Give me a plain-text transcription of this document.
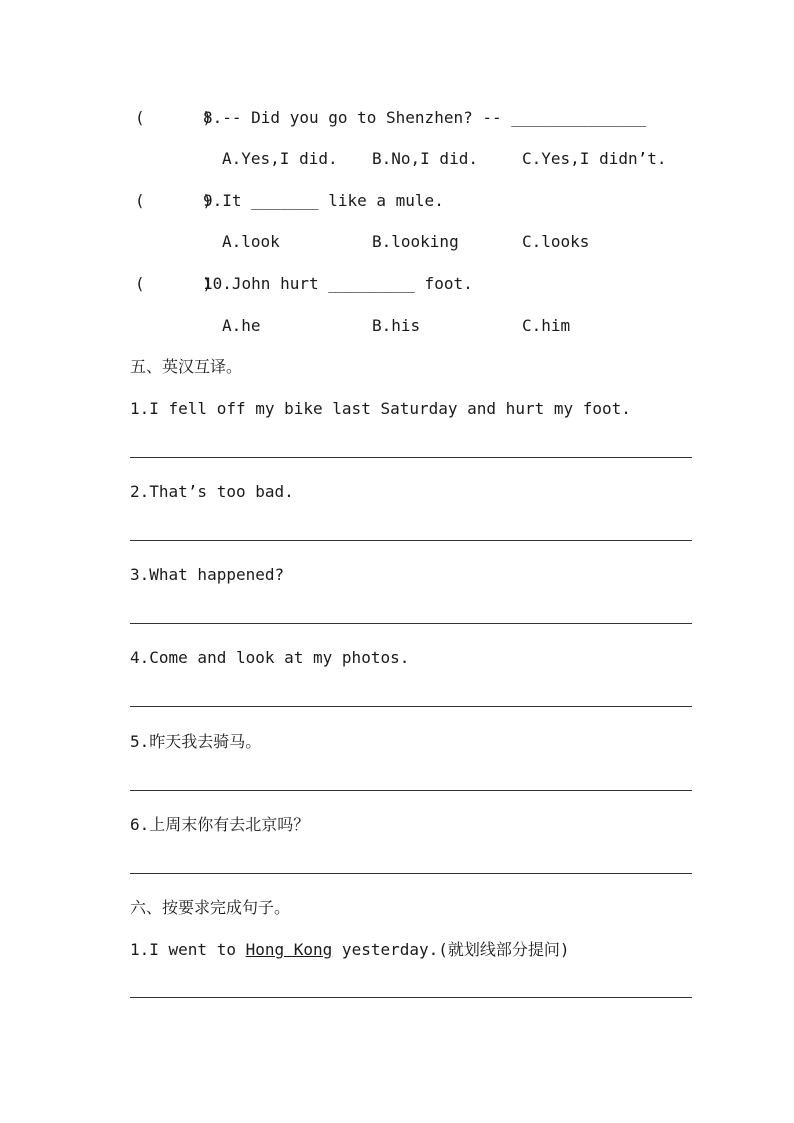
(      )
8.-- Did you go to Shenzhen? -- ______________
A.Yes,I did. B.No,I did.	C.Yes,I didn’t.
(      )
9.It _______ like a mule.
A.look	B.looking	C.looks
(      )
10.John hurt _________ foot.
A.he	B.his	C.him
五、英汉互译。
1.I fell off my bike last Saturday and hurt my foot.
2.That’s too bad.
3.What happened?
4.Come and look at my photos.
5.昨天我去骑马。
6.上周末你有去北京吗？
六、按要求完成句子。
1.I went to Hong Kong yesterday.(就划线部分提问)
